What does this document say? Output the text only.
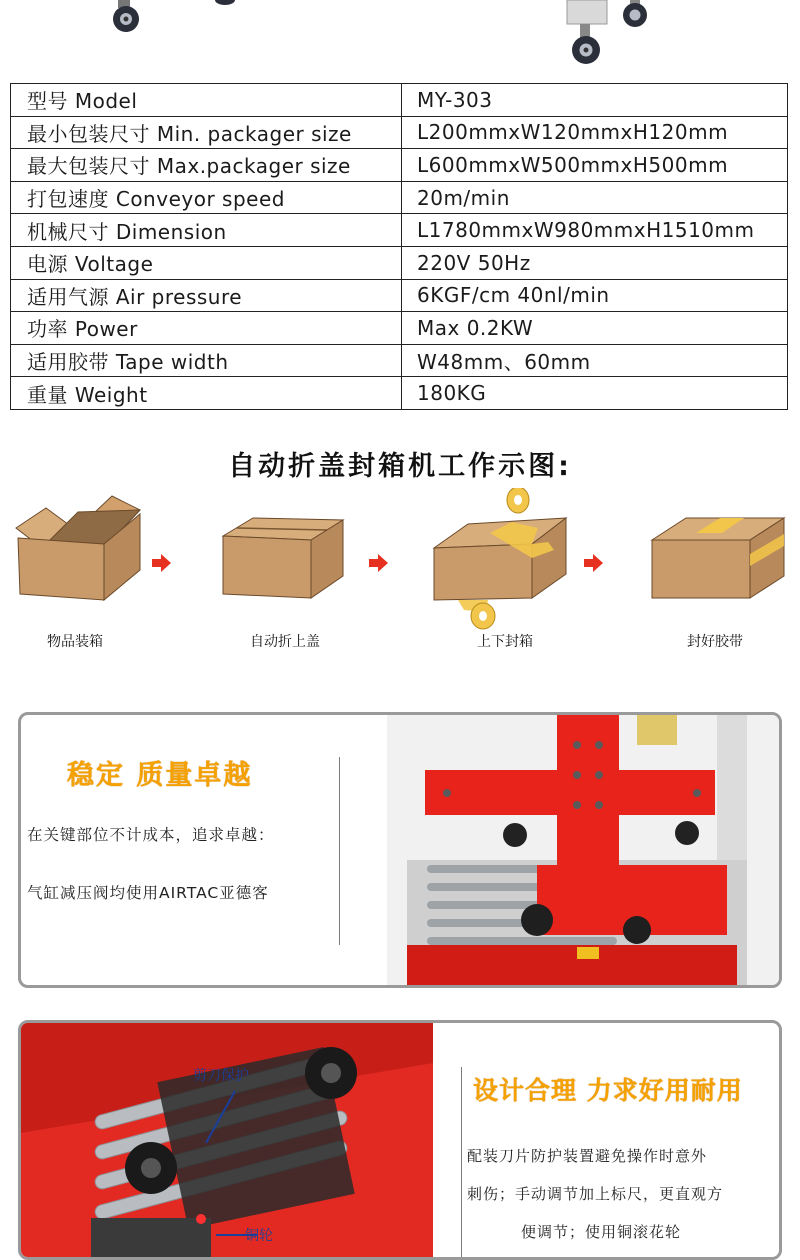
型号 Model	MY-303
最小包装尺寸 Min. packager size	L200mmxW120mmxH120mm
最大包装尺寸 Max.packager size	L600mmxW500mmxH500mm
打包速度 Conveyor speed	20m/min
机械尺寸 Dimension	L1780mmxW980mmxH1510mm
电源 Voltage	220V 50Hz
适用气源 Air pressure	6KGF/cm 40nl/min
功率 Power	Max 0.2KW
适用胶带 Tape width	W48mm、60mm
重量 Weight	180KG
自动折盖封箱机工作示图:
物品装箱	自动折上盖	上下封箱	封好胶带
稳定 质量卓越
在关键部位不计成本，追求卓越：
气缸减压阀均使用AIRTAC亚德客
剪刀保护
铜轮
设计合理 力求好用耐用
配装刀片防护装置避免操作时意外
刺伤；手动调节加上标尺，更直观方
便调节；使用铜滚花轮
